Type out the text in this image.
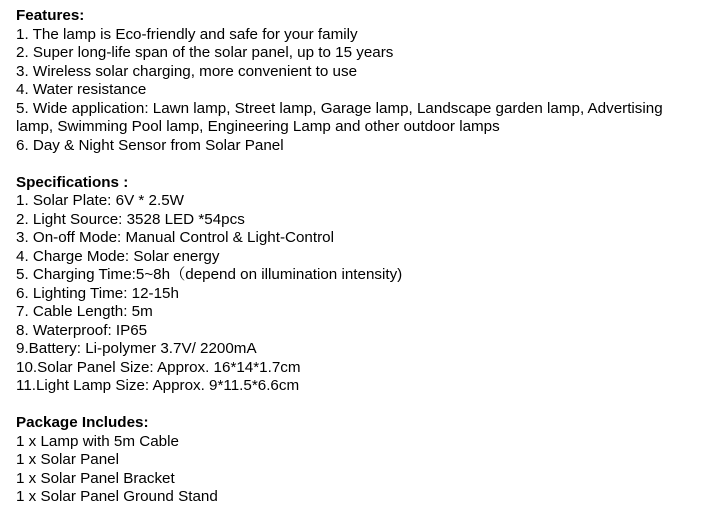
Features:

1. The lamp is Eco-friendly and safe for your family

2. Super long-life span of the solar panel, up to 15 years

3. Wireless solar charging, more convenient to use

4. Water resistance

5. Wide application: Lawn lamp, Street lamp, Garage lamp, Landscape garden lamp, Advertising lamp, Swimming Pool lamp, Engineering Lamp and other outdoor lamps

6. Day & Night Sensor from Solar Panel

Specifications :

1. Solar Plate: 6V * 2.5W

2. Light Source: 3528 LED *54pcs

3. On-off Mode: Manual Control & Light-Control

4. Charge Mode: Solar energy

5. Charging Time:5~8h（depend on illumination intensity)

6. Lighting Time: 12-15h

7. Cable Length: 5m

8. Waterproof: IP65

9.Battery: Li-polymer 3.7V/ 2200mA

10.Solar Panel Size: Approx. 16*14*1.7cm

11.Light Lamp Size: Approx. 9*11.5*6.6cm

Package Includes:

1 x Lamp with 5m Cable

1 x Solar Panel

1 x Solar Panel Bracket

1 x Solar Panel Ground Stand
